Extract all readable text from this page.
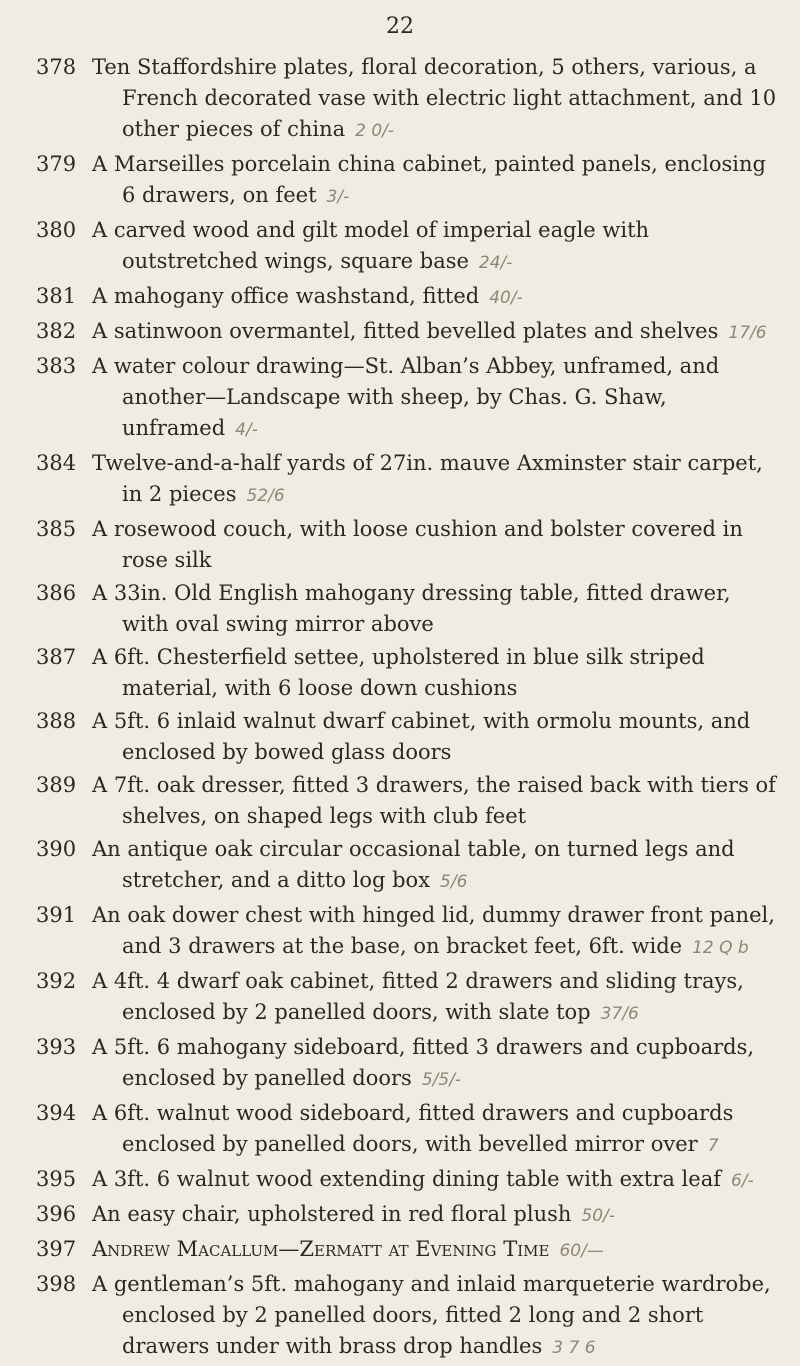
22
378 Ten Staffordshire plates, floral decoration, 5 others, various, a French decorated vase with electric light attachment, and 10 other pieces of china 2 0/-
379 A Marseilles porcelain china cabinet, painted panels, enclosing 6 drawers, on feet 3/-
380 A carved wood and gilt model of imperial eagle with outstretched wings, square base 24/-
381 A mahogany office washstand, fitted 40/-
382 A satinwoon overmantel, fitted bevelled plates and shelves 17/6
383 A water colour drawing—St. Alban’s Abbey, unframed, and another—Landscape with sheep, by Chas. G. Shaw, unframed 4/-
384 Twelve-and-a-half yards of 27in. mauve Axminster stair carpet, in 2 pieces 52/6
385 A rosewood couch, with loose cushion and bolster covered in rose silk
386 A 33in. Old English mahogany dressing table, fitted drawer, with oval swing mirror above
387 A 6ft. Chesterfield settee, upholstered in blue silk striped material, with 6 loose down cushions
388 A 5ft. 6 inlaid walnut dwarf cabinet, with ormolu mounts, and enclosed by bowed glass doors
389 A 7ft. oak dresser, fitted 3 drawers, the raised back with tiers of shelves, on shaped legs with club feet
390 An antique oak circular occasional table, on turned legs and stretcher, and a ditto log box 5/6
391 An oak dower chest with hinged lid, dummy drawer front panel, and 3 drawers at the base, on bracket feet, 6ft. wide 12 Q b
392 A 4ft. 4 dwarf oak cabinet, fitted 2 drawers and sliding trays, enclosed by 2 panelled doors, with slate top 37/6
393 A 5ft. 6 mahogany sideboard, fitted 3 drawers and cupboards, enclosed by panelled doors 5/5/-
394 A 6ft. walnut wood sideboard, fitted drawers and cupboards enclosed by panelled doors, with bevelled mirror over 7
395 A 3ft. 6 walnut wood extending dining table with extra leaf 6/-
396 An easy chair, upholstered in red floral plush 50/-
397 Andrew Macallum—Zermatt at Evening Time 60/—
398 A gentleman’s 5ft. mahogany and inlaid marqueterie wardrobe, enclosed by 2 panelled doors, fitted 2 long and 2 short drawers under with brass drop handles 3 7 6
